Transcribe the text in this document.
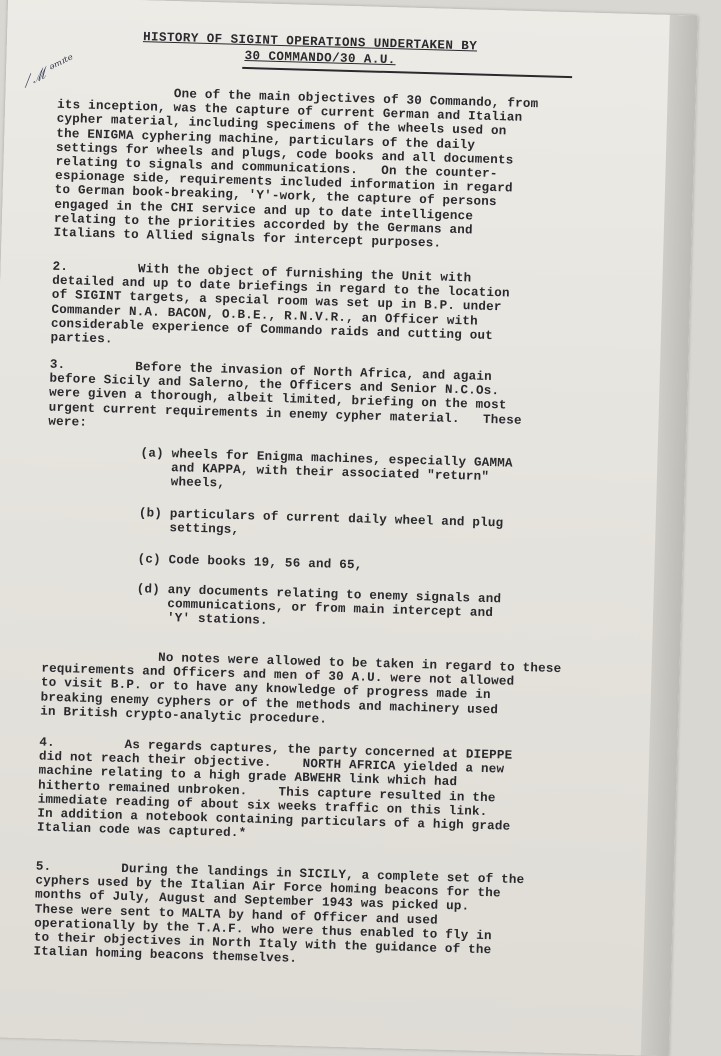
⟋ℳ ᵊᵐᶦᵗᵉ
HISTORY OF SIGINT OPERATIONS UNDERTAKEN BY
30 COMMANDO/30 A.U.
One of the main objectives of 30 Commando, from
its inception, was the capture of current German and Italian
cypher material, including specimens of the wheels used on
the ENIGMA cyphering machine, particulars of the daily
settings for wheels and plugs, code books and all documents
relating to signals and communications.   On the counter-
espionage side, requirements included information in regard
to German book-breaking, 'Y'-work, the capture of persons
engaged in the CHI service and up to date intelligence
relating to the priorities accorded by the Germans and
Italians to Allied signals for intercept purposes.
2.         With the object of furnishing the Unit with
detailed and up to date briefings in regard to the location
of SIGINT targets, a special room was set up in B.P. under
Commander N.A. BACON, O.B.E., R.N.V.R., an Officer with
considerable experience of Commando raids and cutting out
parties.
3.         Before the invasion of North Africa, and again
before Sicily and Salerno, the Officers and Senior N.C.Os.
were given a thorough, albeit limited, briefing on the most
urgent current requirements in enemy cypher material.   These
were:
(a) wheels for Enigma machines, especially GAMMA
and KAPPA, with their associated "return"
wheels,
(b) particulars of current daily wheel and plug
settings,
(c) Code books 19, 56 and 65,
(d) any documents relating to enemy signals and
communications, or from main intercept and
'Y' stations.
No notes were allowed to be taken in regard to these
requirements and Officers and men of 30 A.U. were not allowed
to visit B.P. or to have any knowledge of progress made in
breaking enemy cyphers or of the methods and machinery used
in British crypto-analytic procedure.
4.         As regards captures, the party concerned at DIEPPE
did not reach their objective.    NORTH AFRICA yielded a new
machine relating to a high grade ABWEHR link which had
hitherto remained unbroken.    This capture resulted in the
immediate reading of about six weeks traffic on this link.
In addition a notebook containing particulars of a high grade
Italian code was captured.*
5.         During the landings in SICILY, a complete set of the
cyphers used by the Italian Air Force homing beacons for the
months of July, August and September 1943 was picked up.
These were sent to MALTA by hand of Officer and used
operationally by the T.A.F. who were thus enabled to fly in
to their objectives in North Italy with the guidance of the
Italian homing beacons themselves.
